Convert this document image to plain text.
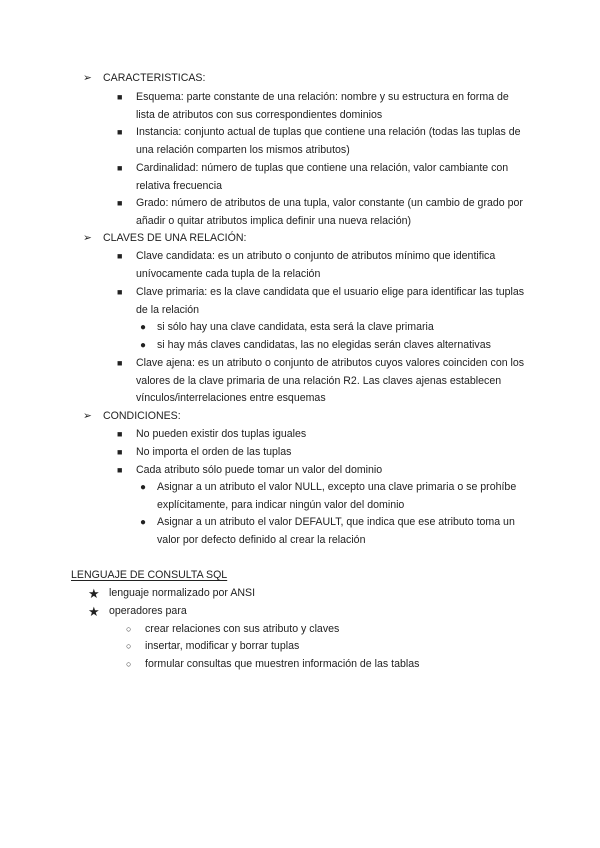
➢	CARACTERISTICAS:
■	Esquema: parte constante de una relación: nombre y su estructura en forma de lista de atributos con sus correspondientes dominios
■	Instancia: conjunto actual de tuplas que contiene una relación (todas las tuplas de una relación comparten los mismos atributos)
■	Cardinalidad: número de tuplas que contiene una relación, valor cambiante con relativa frecuencia
■	Grado: número de atributos de una tupla, valor constante (un cambio de grado por añadir o quitar atributos implica definir una nueva relación)
➢	CLAVES DE UNA RELACIÓN:
■	Clave candidata: es un atributo o conjunto de atributos mínimo que identifica unívocamente cada tupla de la relación
■	Clave primaria: es la clave candidata que el usuario elige para identificar las tuplas de la relación
●	si sólo hay una clave candidata, esta será la clave primaria
●	si hay más claves candidatas, las no elegidas serán claves alternativas
■	Clave ajena: es un atributo o conjunto de atributos cuyos valores coinciden con los valores de la clave primaria de una relación R2. Las claves ajenas establecen vínculos/interrelaciones entre esquemas
➢	CONDICIONES:
■	No pueden existir dos tuplas iguales
■	No importa el orden de las tuplas
■	Cada atributo sólo puede tomar un valor del dominio
●	Asignar a un atributo el valor NULL, excepto una clave primaria o se prohíbe explícitamente, para indicar ningún valor del dominio
●	Asignar a un atributo el valor DEFAULT, que indica que ese atributo toma un valor por defecto definido al crear la relación
LENGUAJE DE CONSULTA SQL
★ lenguaje normalizado por ANSI
★ operadores para
○	crear relaciones con sus atributo y claves
○	insertar, modificar y borrar tuplas
○	formular consultas que muestren información de las tablas
